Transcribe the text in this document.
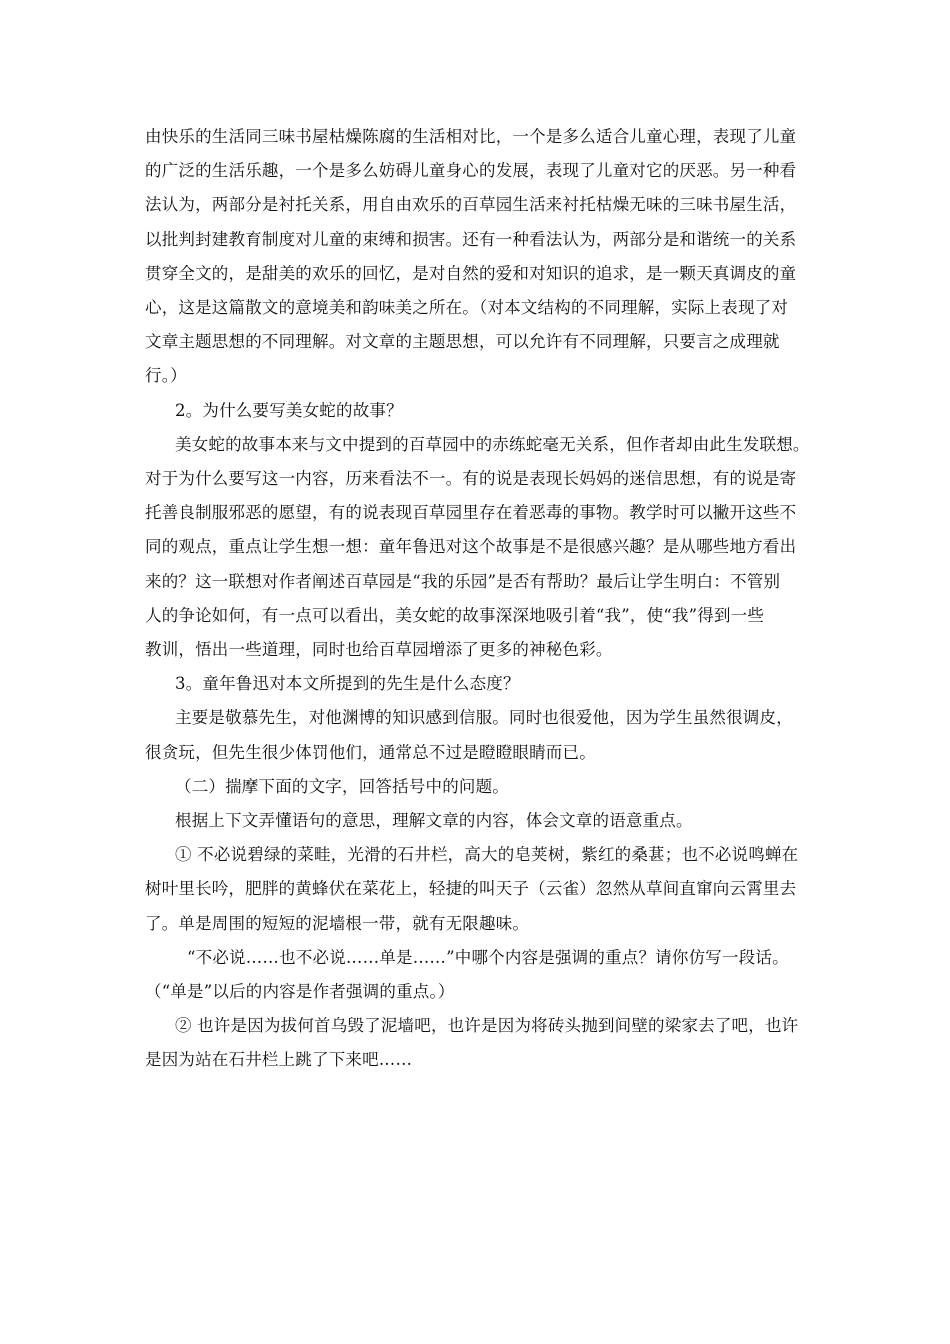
由快乐的生活同三味书屋枯燥陈腐的生活相对比，一个是多么适合儿童心理，表现了儿童

的广泛的生活乐趣，一个是多么妨碍儿童身心的发展，表现了儿童对它的厌恶。另一种看

法认为，两部分是衬托关系，用自由欢乐的百草园生活来衬托枯燥无味的三味书屋生活，

以批判封建教育制度对儿童的束缚和损害。还有一种看法认为，两部分是和谐统一的关系

贯穿全文的，是甜美的欢乐的回忆，是对自然的爱和对知识的追求，是一颗天真调皮的童

心，这是这篇散文的意境美和韵味美之所在。（对本文结构的不同理解，实际上表现了对

文章主题思想的不同理解。对文章的主题思想，可以允许有不同理解，只要言之成理就

行。）

2。为什么要写美女蛇的故事？

美女蛇的故事本来与文中提到的百草园中的赤练蛇毫无关系，但作者却由此生发联想。

对于为什么要写这一内容，历来看法不一。有的说是表现长妈妈的迷信思想，有的说是寄

托善良制服邪恶的愿望，有的说表现百草园里存在着恶毒的事物。教学时可以撇开这些不

同的观点，重点让学生想一想：童年鲁迅对这个故事是不是很感兴趣？是从哪些地方看出

来的？这一联想对作者阐述百草园是“我的乐园”是否有帮助？最后让学生明白：不管别

人的争论如何，有一点可以看出，美女蛇的故事深深地吸引着“我”，使“我”得到一些

教训，悟出一些道理，同时也给百草园增添了更多的神秘色彩。

3。童年鲁迅对本文所提到的先生是什么态度？

主要是敬慕先生，对他渊博的知识感到信服。同时也很爱他，因为学生虽然很调皮，

很贪玩，但先生很少体罚他们，通常总不过是瞪瞪眼睛而已。

（二）揣摩下面的文字，回答括号中的问题。

根据上下文弄懂语句的意思，理解文章的内容，体会文章的语意重点。

① 不必说碧绿的菜畦，光滑的石井栏，高大的皂荚树，紫红的桑葚；也不必说鸣蝉在

树叶里长吟，肥胖的黄蜂伏在菜花上，轻捷的叫天子（云雀）忽然从草间直窜向云霄里去

了。单是周围的短短的泥墙根一带，就有无限趣味。

“不必说……也不必说……单是……”中哪个内容是强调的重点？请你仿写一段话。

（“单是”以后的内容是作者强调的重点。）

② 也许是因为拔何首乌毁了泥墙吧，也许是因为将砖头抛到间壁的梁家去了吧，也许

是因为站在石井栏上跳了下来吧……
